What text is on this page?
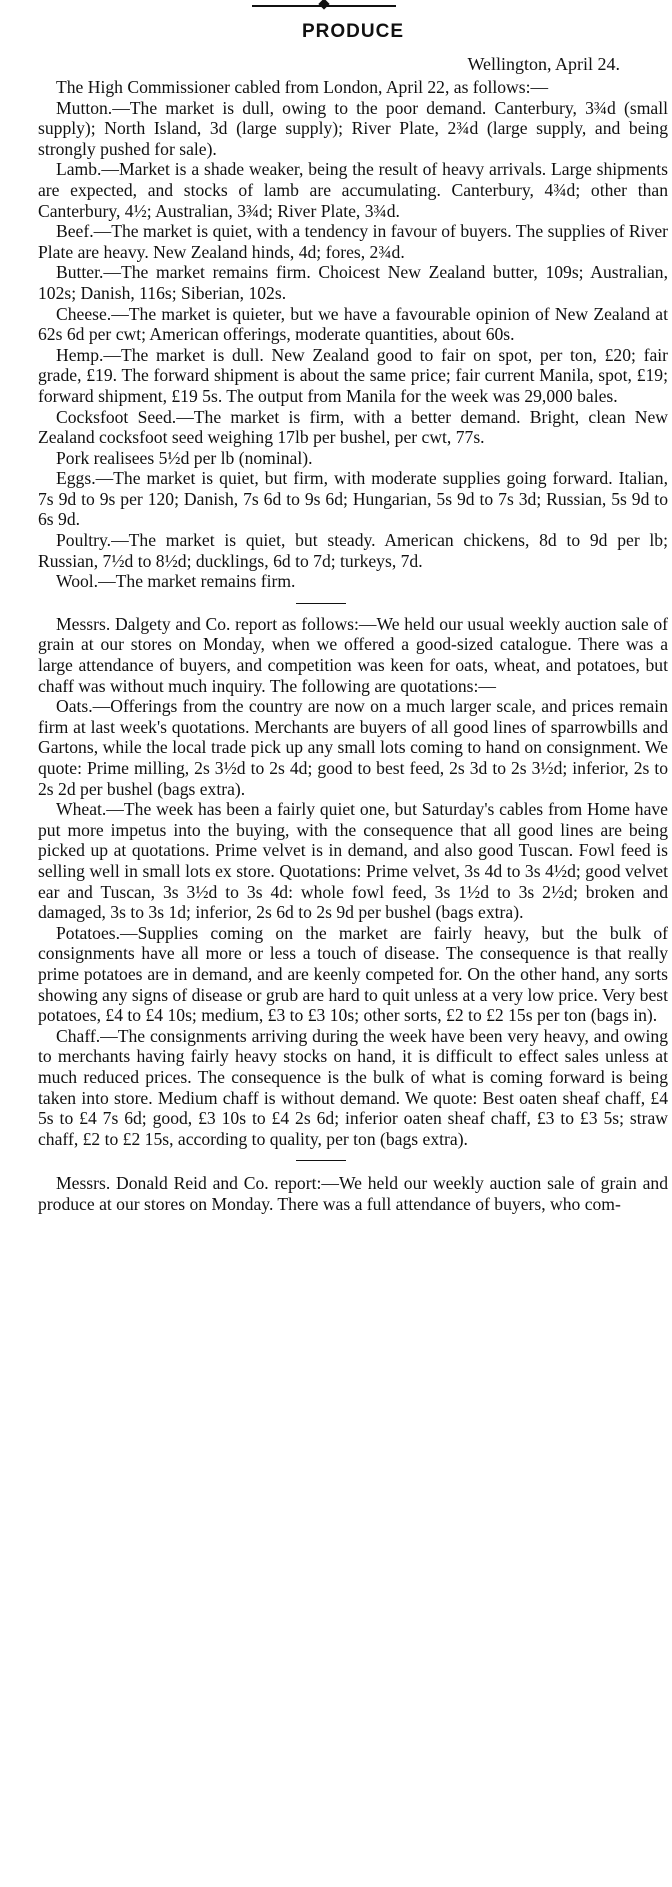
PRODUCE
Wellington, April 24.

The High Commissioner cabled from London, April 22, as follows:—

Mutton.—The market is dull, owing to the poor demand. Canterbury, 3¾d (small supply); North Island, 3d (large supply); River Plate, 2¾d (large supply, and being strongly pushed for sale).

Lamb.—Market is a shade weaker, being the result of heavy arrivals. Large shipments are expected, and stocks of lamb are accumulating. Canterbury, 4¾d; other than Canterbury, 4½; Australian, 3¾d; River Plate, 3¾d.

Beef.—The market is quiet, with a tendency in favour of buyers. The supplies of River Plate are heavy. New Zealand hinds, 4d; fores, 2¾d.

Butter.—The market remains firm. Choicest New Zealand butter, 109s; Australian, 102s; Danish, 116s; Siberian, 102s.

Cheese.—The market is quieter, but we have a favourable opinion of New Zealand at 62s 6d per cwt; American offerings, moderate quantities, about 60s.

Hemp.—The market is dull. New Zealand good to fair on spot, per ton, £20; fair grade, £19. The forward shipment is about the same price; fair current Manila, spot, £19; forward shipment, £19 5s. The output from Manila for the week was 29,000 bales.

Cocksfoot Seed.—The market is firm, with a better demand. Bright, clean New Zealand cocksfoot seed weighing 17lb per bushel, per cwt, 77s.

Pork realisees 5½d per lb (nominal).

Eggs.—The market is quiet, but firm, with moderate supplies going forward. Italian, 7s 9d to 9s per 120; Danish, 7s 6d to 9s 6d; Hungarian, 5s 9d to 7s 3d; Russian, 5s 9d to 6s 9d.

Poultry.—The market is quiet, but steady. American chickens, 8d to 9d per lb; Russian, 7½d to 8½d; ducklings, 6d to 7d; turkeys, 7d.

Wool.—The market remains firm.

Messrs. Dalgety and Co. report as follows:—We held our usual weekly auction sale of grain at our stores on Monday, when we offered a good-sized catalogue. There was a large attendance of buyers, and competition was keen for oats, wheat, and potatoes, but chaff was without much inquiry. The following are quotations:—

Oats.—Offerings from the country are now on a much larger scale, and prices remain firm at last week's quotations. Merchants are buyers of all good lines of sparrowbills and Gartons, while the local trade pick up any small lots coming to hand on consignment. We quote: Prime milling, 2s 3½d to 2s 4d; good to best feed, 2s 3d to 2s 3½d; inferior, 2s to 2s 2d per bushel (bags extra).

Wheat.—The week has been a fairly quiet one, but Saturday's cables from Home have put more impetus into the buying, with the consequence that all good lines are being picked up at quotations. Prime velvet is in demand, and also good Tuscan. Fowl feed is selling well in small lots ex store. Quotations: Prime velvet, 3s 4d to 3s 4½d; good velvet ear and Tuscan, 3s 3½d to 3s 4d: whole fowl feed, 3s 1½d to 3s 2½d; broken and damaged, 3s to 3s 1d; inferior, 2s 6d to 2s 9d per bushel (bags extra).

Potatoes.—Supplies coming on the market are fairly heavy, but the bulk of consignments have all more or less a touch of disease. The consequence is that really prime potatoes are in demand, and are keenly competed for. On the other hand, any sorts showing any signs of disease or grub are hard to quit unless at a very low price. Very best potatoes, £4 to £4 10s; medium, £3 to £3 10s; other sorts, £2 to £2 15s per ton (bags in).

Chaff.—The consignments arriving during the week have been very heavy, and owing to merchants having fairly heavy stocks on hand, it is difficult to effect sales unless at much reduced prices. The consequence is the bulk of what is coming forward is being taken into store. Medium chaff is without demand. We quote: Best oaten sheaf chaff, £4 5s to £4 7s 6d; good, £3 10s to £4 2s 6d; inferior oaten sheaf chaff, £3 to £3 5s; straw chaff, £2 to £2 15s, according to quality, per ton (bags extra).

Messrs. Donald Reid and Co. report:—We held our weekly auction sale of grain and produce at our stores on Monday. There was a full attendance of buyers, who com-
